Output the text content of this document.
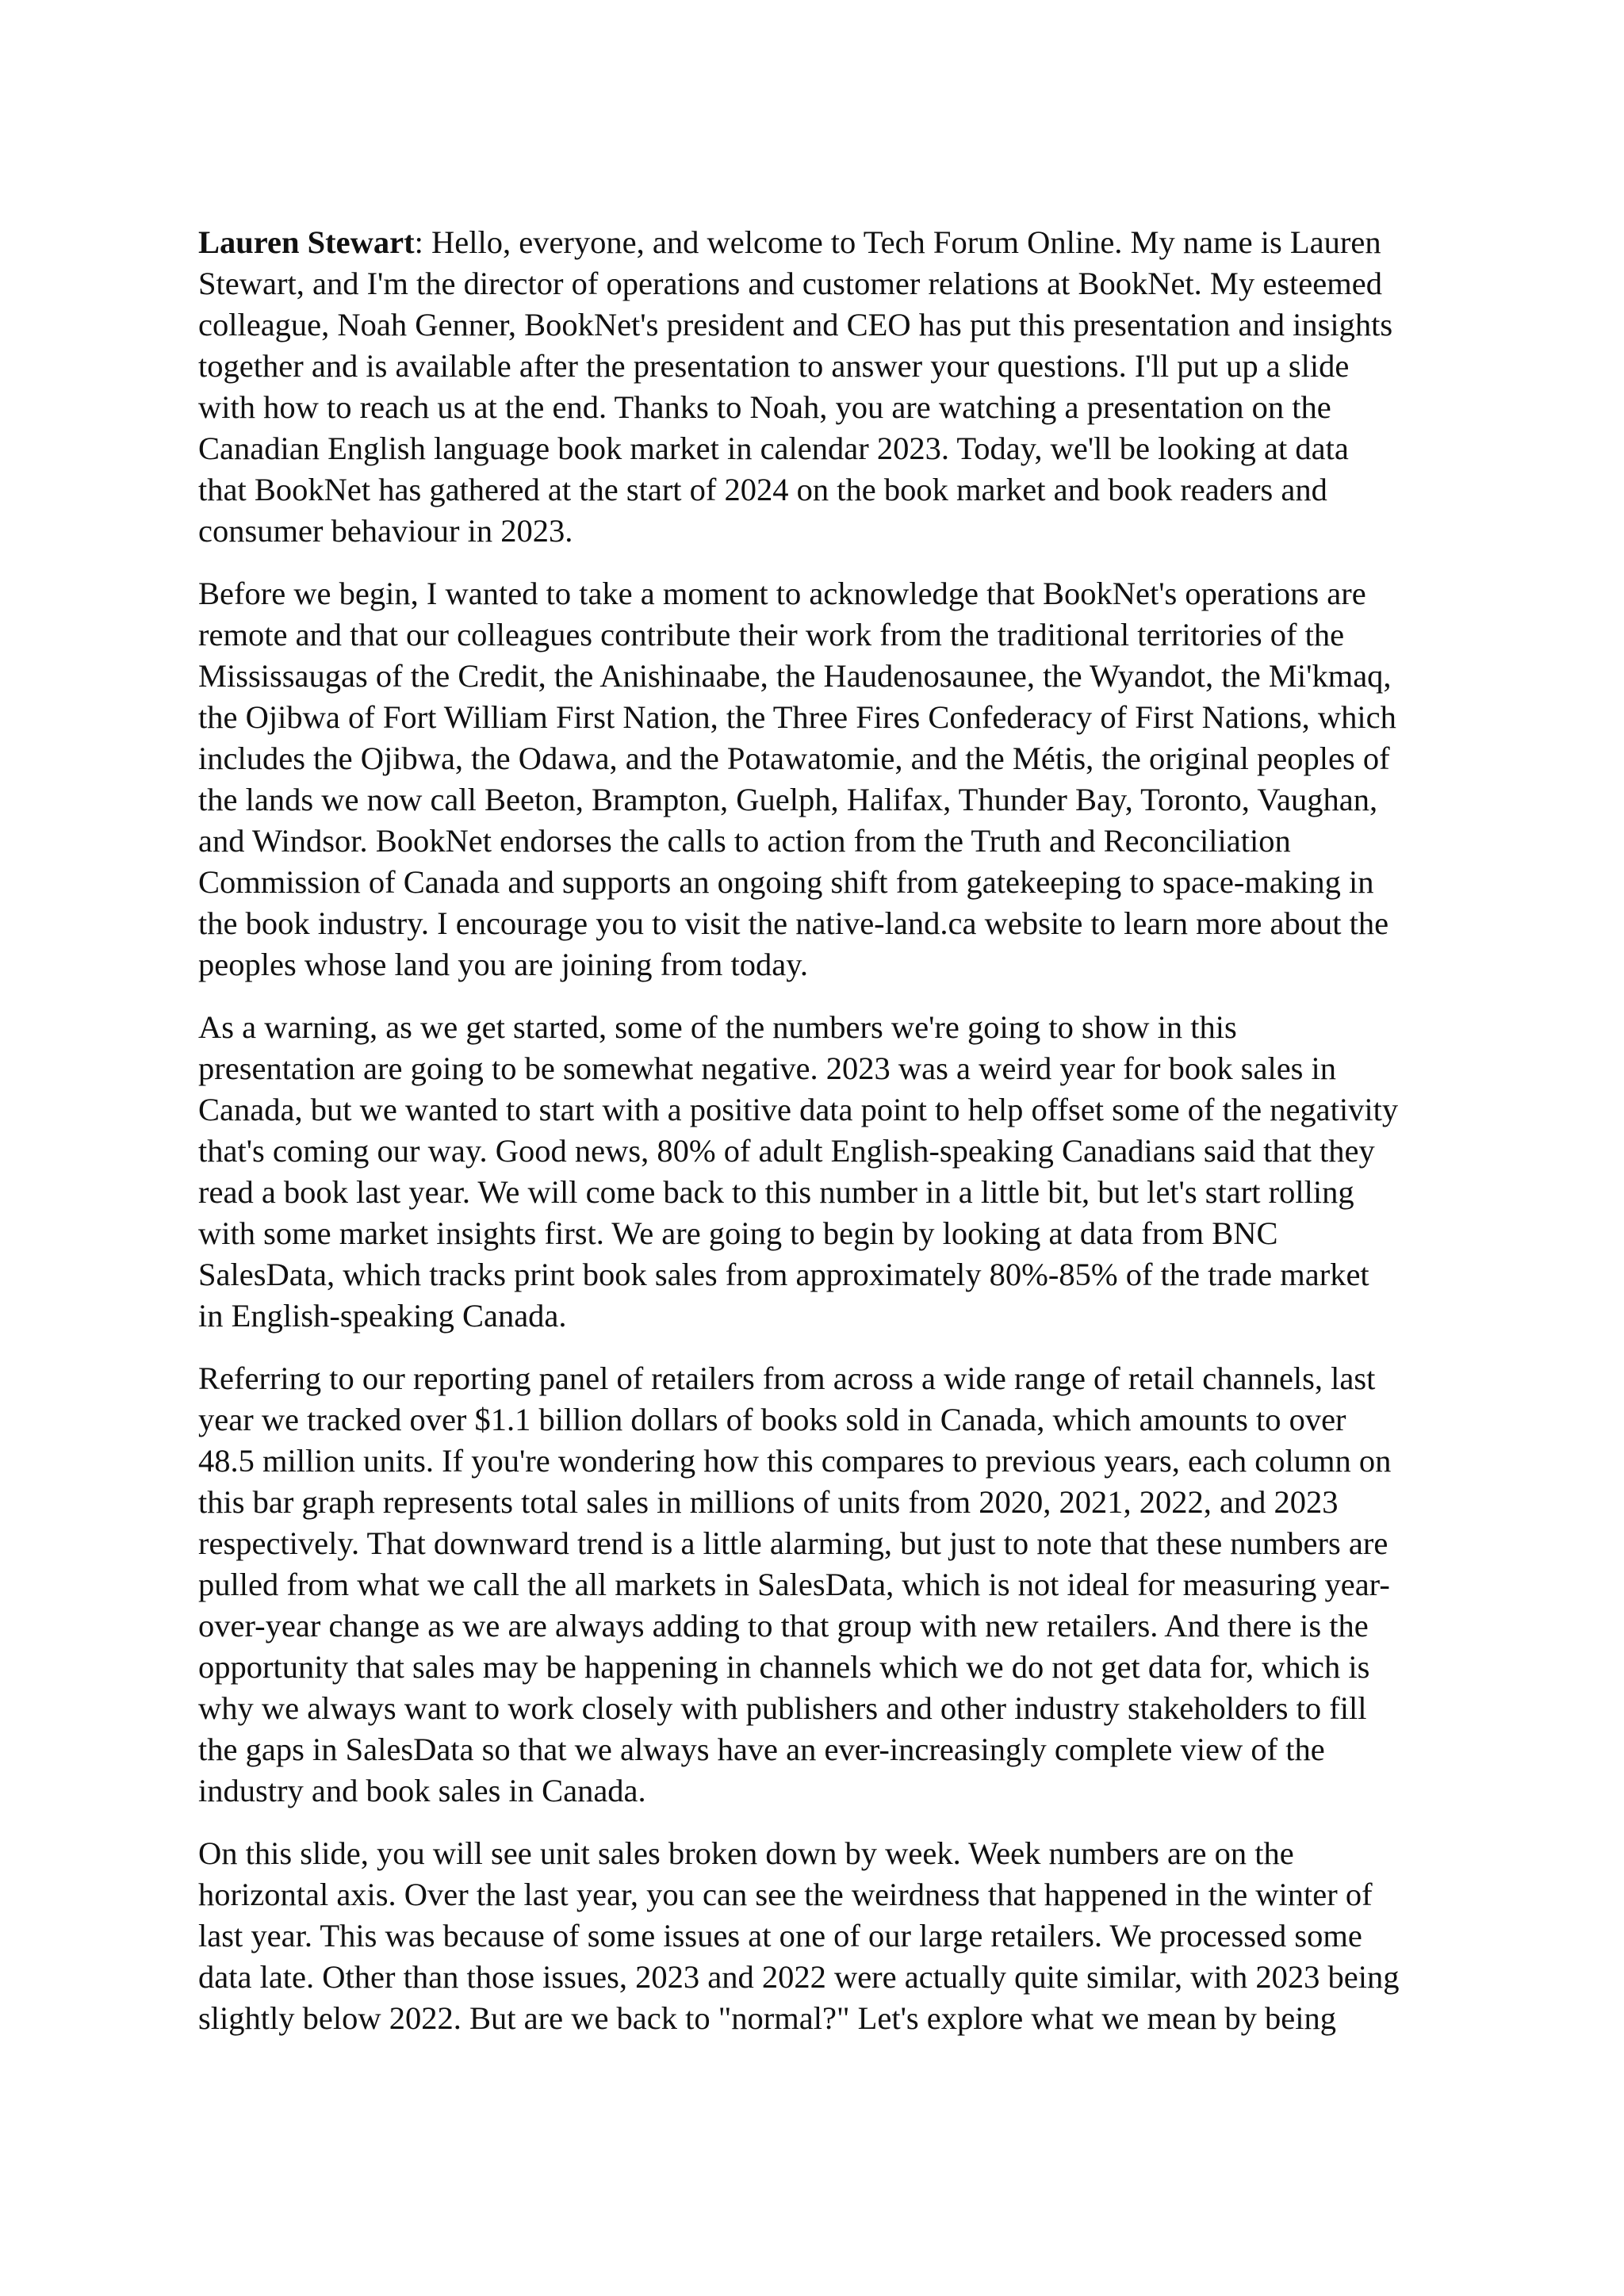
Lauren Stewart: Hello, everyone, and welcome to Tech Forum Online. My name is Lauren
Stewart, and I'm the director of operations and customer relations at BookNet. My esteemed
colleague, Noah Genner, BookNet's president and CEO has put this presentation and insights
together and is available after the presentation to answer your questions. I'll put up a slide
with how to reach us at the end. Thanks to Noah, you are watching a presentation on the
Canadian English language book market in calendar 2023. Today, we'll be looking at data
that BookNet has gathered at the start of 2024 on the book market and book readers and
consumer behaviour in 2023.

Before we begin, I wanted to take a moment to acknowledge that BookNet's operations are
remote and that our colleagues contribute their work from the traditional territories of the
Mississaugas of the Credit, the Anishinaabe, the Haudenosaunee, the Wyandot, the Mi'kmaq,
the Ojibwa of Fort William First Nation, the Three Fires Confederacy of First Nations, which
includes the Ojibwa, the Odawa, and the Potawatomie, and the Métis, the original peoples of
the lands we now call Beeton, Brampton, Guelph, Halifax, Thunder Bay, Toronto, Vaughan,
and Windsor. BookNet endorses the calls to action from the Truth and Reconciliation
Commission of Canada and supports an ongoing shift from gatekeeping to space-making in
the book industry. I encourage you to visit the native-land.ca website to learn more about the
peoples whose land you are joining from today.

As a warning, as we get started, some of the numbers we're going to show in this
presentation are going to be somewhat negative. 2023 was a weird year for book sales in
Canada, but we wanted to start with a positive data point to help offset some of the negativity
that's coming our way. Good news, 80% of adult English-speaking Canadians said that they
read a book last year. We will come back to this number in a little bit, but let's start rolling
with some market insights first. We are going to begin by looking at data from BNC
SalesData, which tracks print book sales from approximately 80%-85% of the trade market
in English-speaking Canada.

Referring to our reporting panel of retailers from across a wide range of retail channels, last
year we tracked over $1.1 billion dollars of books sold in Canada, which amounts to over
48.5 million units. If you're wondering how this compares to previous years, each column on
this bar graph represents total sales in millions of units from 2020, 2021, 2022, and 2023
respectively. That downward trend is a little alarming, but just to note that these numbers are
pulled from what we call the all markets in SalesData, which is not ideal for measuring year-
over-year change as we are always adding to that group with new retailers. And there is the
opportunity that sales may be happening in channels which we do not get data for, which is
why we always want to work closely with publishers and other industry stakeholders to fill
the gaps in SalesData so that we always have an ever-increasingly complete view of the
industry and book sales in Canada.

On this slide, you will see unit sales broken down by week. Week numbers are on the
horizontal axis. Over the last year, you can see the weirdness that happened in the winter of
last year. This was because of some issues at one of our large retailers. We processed some
data late. Other than those issues, 2023 and 2022 were actually quite similar, with 2023 being
slightly below 2022. But are we back to "normal?" Let's explore what we mean by being
